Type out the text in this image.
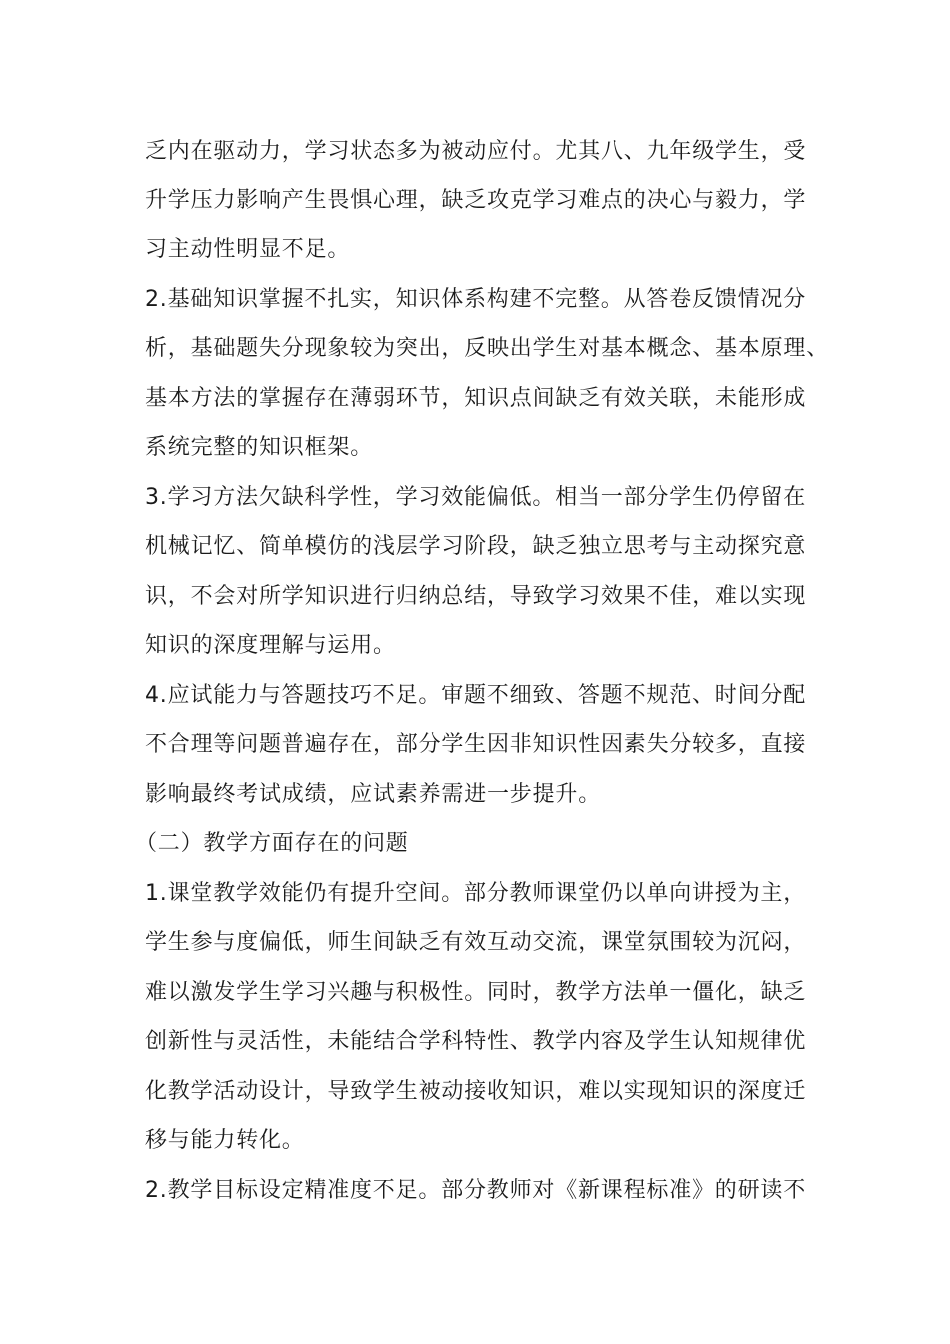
乏内在驱动力，学习状态多为被动应付。尤其八、九年级学生，受

升学压力影响产生畏惧心理，缺乏攻克学习难点的决心与毅力，学

习主动性明显不足。

2.基础知识掌握不扎实，知识体系构建不完整。从答卷反馈情况分

析，基础题失分现象较为突出，反映出学生对基本概念、基本原理、

基本方法的掌握存在薄弱环节，知识点间缺乏有效关联，未能形成

系统完整的知识框架。

3.学习方法欠缺科学性，学习效能偏低。相当一部分学生仍停留在

机械记忆、简单模仿的浅层学习阶段，缺乏独立思考与主动探究意

识，不会对所学知识进行归纳总结，导致学习效果不佳，难以实现

知识的深度理解与运用。

4.应试能力与答题技巧不足。审题不细致、答题不规范、时间分配

不合理等问题普遍存在，部分学生因非知识性因素失分较多，直接

影响最终考试成绩，应试素养需进一步提升。

（二）教学方面存在的问题

1.课堂教学效能仍有提升空间。部分教师课堂仍以单向讲授为主，

学生参与度偏低，师生间缺乏有效互动交流，课堂氛围较为沉闷，

难以激发学生学习兴趣与积极性。同时，教学方法单一僵化，缺乏

创新性与灵活性，未能结合学科特性、教学内容及学生认知规律优

化教学活动设计，导致学生被动接收知识，难以实现知识的深度迁

移与能力转化。

2.教学目标设定精准度不足。部分教师对《新课程标准》的研读不
